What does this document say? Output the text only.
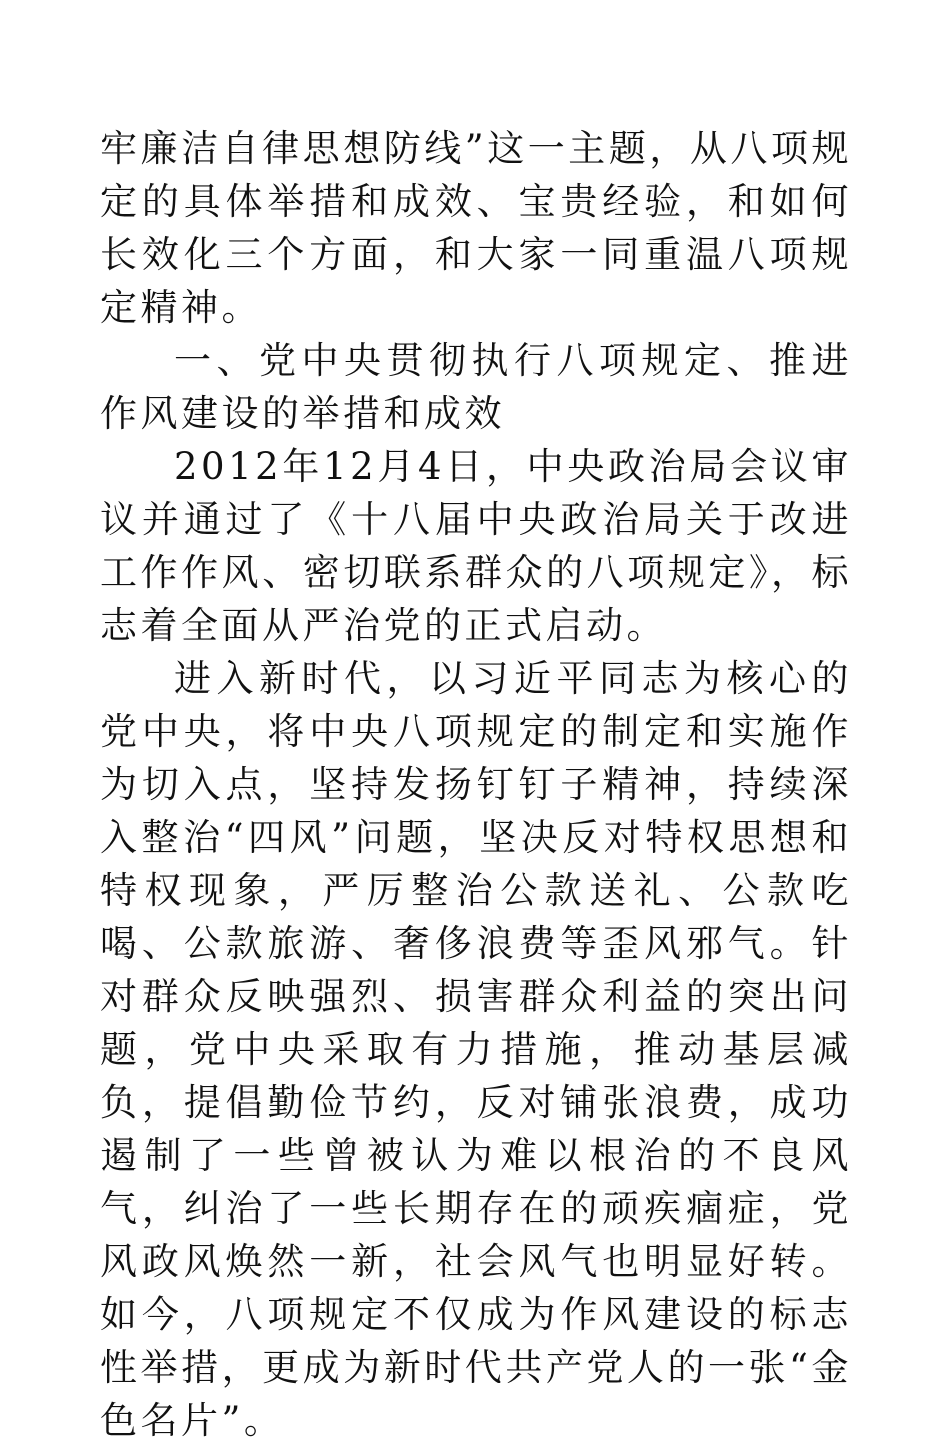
牢廉洁自律思想防线”这一主题，从八项规定的具体举措和成效、宝贵经验，和如何长效化三个方面，和大家一同重温八项规定精神。

一、党中央贯彻执行八项规定、推进作风建设的举措和成效

2012年12月4日，中央政治局会议审议并通过了《十八届中央政治局关于改进工作作风、密切联系群众的八项规定》，标志着全面从严治党的正式启动。

进入新时代，以习近平同志为核心的党中央，将中央八项规定的制定和实施作为切入点，坚持发扬钉钉子精神，持续深入整治“四风”问题，坚决反对特权思想和特权现象，严厉整治公款送礼、公款吃喝、公款旅游、奢侈浪费等歪风邪气。针对群众反映强烈、损害群众利益的突出问题，党中央采取有力措施，推动基层减负，提倡勤俭节约，反对铺张浪费，成功遏制了一些曾被认为难以根治的不良风气，纠治了一些长期存在的顽疾痼症，党风政风焕然一新，社会风气也明显好转。如今，八项规定不仅成为作风建设的标志性举措，更成为新时代共产党人的一张“金色名片”。
